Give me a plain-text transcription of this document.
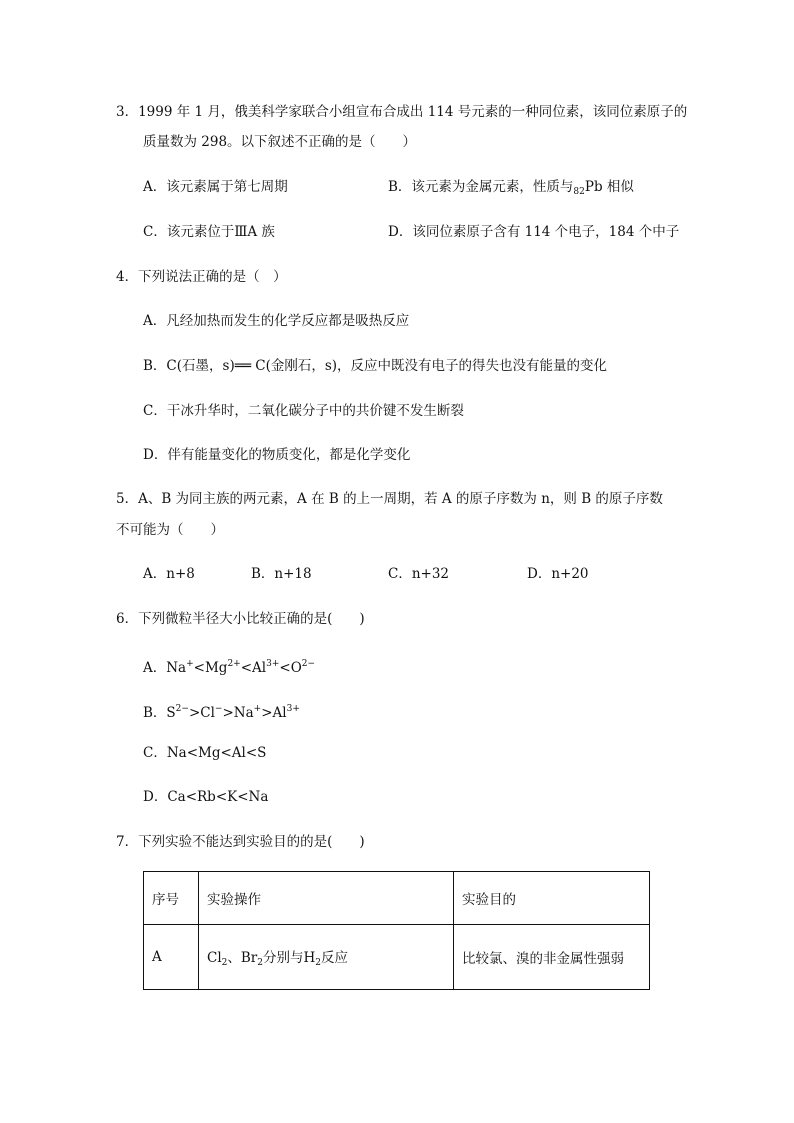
3．1999 年 1 月，俄美科学家联合小组宣布合成出 114 号元素的一种同位素，该同位素原子的
质量数为 298。以下叙述不正确的是（　　）
A．该元素属于第七周期	B．该元素为金属元素，性质与$_{82}$Pb 相似
C．该元素位于ⅢA 族	D．该同位素原子含有 114 个电子，184 个中子
4．下列说法正确的是（　）
A．凡经加热而发生的化学反应都是吸热反应
B．C(石墨，s)══ C(金刚石，s)，反应中既没有电子的得失也没有能量的变化
C．干冰升华时，二氧化碳分子中的共价键不发生断裂
D．伴有能量变化的物质变化，都是化学变化
5．A、B 为同主族的两元素，A 在 B 的上一周期，若 A 的原子序数为 n，则 B 的原子序数
不可能为（　　）
A．n+8	B．n+18	C．n+32	D．n+20
6．下列微粒半径大小比较正确的是(　　)
A．$Na^+<Mg^{2+}<Al^{3+}<O^{2-}$
B．$S^{2-}>Cl^->Na^+>Al^{3+}$
C．Na<Mg<Al<S
D．Ca<Rb<K<Na
7．下列实验不能达到实验目的的是(　　)
序号	实验操作	实验目的
A	$Cl_2$、$Br_2$分别与$H_2$反应	比较氯、溴的非金属性强弱
